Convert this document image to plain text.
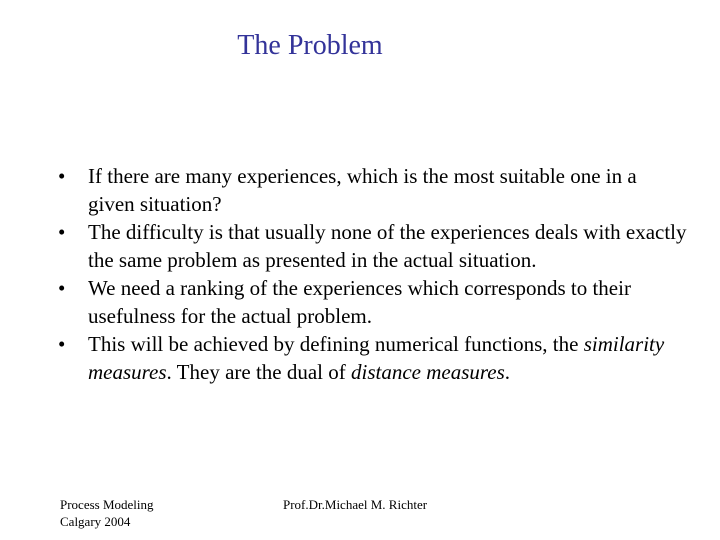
The Problem
• If there are many experiences, which is the most suitable one in a given situation?
• The difficulty is that usually none of the experiences deals with exactly the same problem as presented in the actual situation.
• We need a ranking of the experiences which corresponds to their usefulness for the actual problem.
• This will be achieved by defining numerical functions, the similarity measures. They are the dual of distance measures.
Process Modeling
Calgary 2004
Prof.Dr.Michael M. Richter
